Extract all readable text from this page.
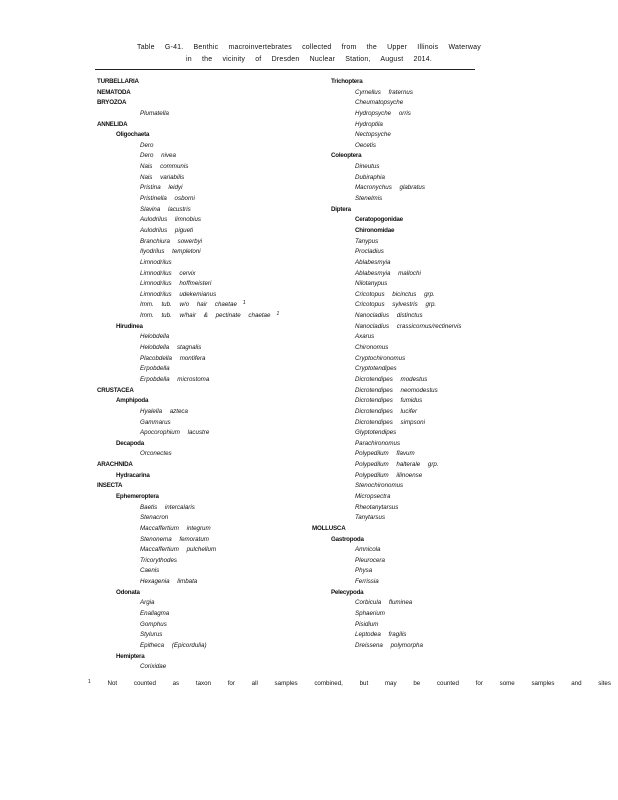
Table G-41. Benthic macroinvertebrates collected from the Upper Illinois Waterway
in the vicinity of Dresden Nuclear Station, August 2014.
TURBELLARIA
NEMATODA
BRYOZOA
Plumatella
ANNELIDA
Oligochaeta
Dero
Dero nivea
Nais communis
Nais variabilis
Pristina leidyi
Pristinella osborni
Slavina lacustris
Aulodrilus limnobius
Aulodrilus pigueti
Branchiura sowerbyi
Ilyodrilus templetoni
Limnodrilus
Limnodrilus cervix
Limnodrilus hoffmeisteri
Limnodrilus udekemianus
Imm. tub. w/o hair chaetae $^1$
Imm. tub. w/hair & pectinate chaetae $^1$
Hirudinea
Helobdella
Helobdella stagnalis
Placobdella montifera
Erpobdella
Erpobdella microstoma
CRUSTACEA
Amphipoda
Hyalella azteca
Gammarus
Apocorophium lacustre
Decapoda
Orconectes
ARACHNIDA
Hydracarina
INSECTA
Ephemeroptera
Baetis intercalaris
Stenacron
Maccaffertium integrum
Stenonema femoratum
Maccaffertium pulchellum
Tricorythodes
Caenis
Hexagenia limbata
Odonata
Argia
Enallagma
Gomphus
Stylurus
Epitheca (Epicordulia)
Hemiptera
Corixidae
Trichoptera
Cyrnellus fraternus
Cheumatopsyche
Hydropsyche orris
Hydroptila
Nectopsyche
Oecetis
Coleoptera
Dineutus
Dubiraphia
Macronychus glabratus
Stenelmis
Diptera
Ceratopogonidae
Chironomidae
Tanypus
Procladius
Ablabesmyia
Ablabesmyia mallochi
Nilotanypus
Cricotopus bicinctus grp.
Cricotopus sylvestris grp.
Nanocladius distinctus
Nanocladius crassicornus/rectinervis
Axarus
Chironomus
Cryptochironomus
Cryptotendipes
Dicrotendipes modestus
Dicrotendipes neomodestus
Dicrotendipes fumidus
Dicrotendipes lucifer
Dicrotendipes simpsoni
Glyptotendipes
Parachironomus
Polypedilum flavum
Polypedilum halterale grp.
Polypedilum illinoense
Stenochironomus
Micropsectra
Rheotanytarsus
Tanytarsus
MOLLUSCA
Gastropoda
Amnicola
Pleurocera
Physa
Ferrissia
Pelecypoda
Corbicula fluminea
Sphaerium
Pisidium
Leptodea fragilis
Dreissena polymorpha
$^1$	Not counted as taxon for all samples combined, but may be counted for some samples and sites
